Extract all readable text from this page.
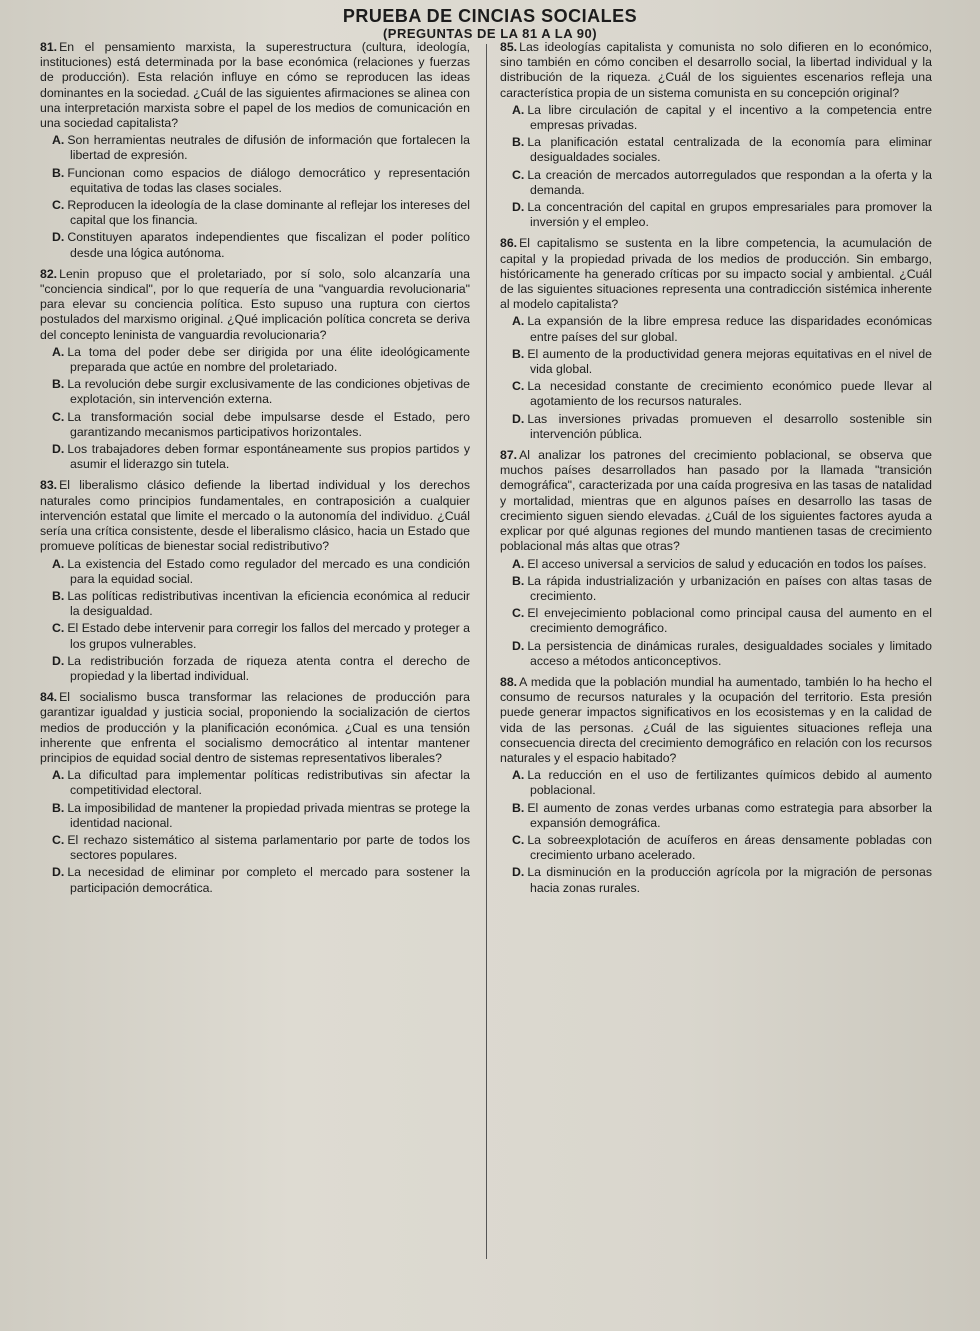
PRUEBA DE CINCIAS SOCIALES
(PREGUNTAS DE LA 81 A LA 90)

81. En el pensamiento marxista, la superestructura (cultura, ideología, instituciones) está determinada por la base económica (relaciones y fuerzas de producción). Esta relación influye en cómo se reproducen las ideas dominantes en la sociedad. ¿Cuál de las siguientes afirmaciones se alinea con una interpretación marxista sobre el papel de los medios de comunicación en una sociedad capitalista?

A. Son herramientas neutrales de difusión de información que fortalecen la libertad de expresión.

B. Funcionan como espacios de diálogo democrático y representación equitativa de todas las clases sociales.

C. Reproducen la ideología de la clase dominante al reflejar los intereses del capital que los financia.

D. Constituyen aparatos independientes que fiscalizan el poder político desde una lógica autónoma.

82. Lenin propuso que el proletariado, por sí solo, solo alcanzaría una "conciencia sindical", por lo que requería de una "vanguardia revolucionaria" para elevar su conciencia política. Esto supuso una ruptura con ciertos postulados del marxismo original. ¿Qué implicación política concreta se deriva del concepto leninista de vanguardia revolucionaria?

A. La toma del poder debe ser dirigida por una élite ideológicamente preparada que actúe en nombre del proletariado.

B. La revolución debe surgir exclusivamente de las condiciones objetivas de explotación, sin intervención externa.

C. La transformación social debe impulsarse desde el Estado, pero garantizando mecanismos participativos horizontales.

D. Los trabajadores deben formar espontáneamente sus propios partidos y asumir el liderazgo sin tutela.

83. El liberalismo clásico defiende la libertad individual y los derechos naturales como principios fundamentales, en contraposición a cualquier intervención estatal que limite el mercado o la autonomía del individuo. ¿Cuál sería una crítica consistente, desde el liberalismo clásico, hacia un Estado que promueve políticas de bienestar social redistributivo?

A. La existencia del Estado como regulador del mercado es una condición para la equidad social.

B. Las políticas redistributivas incentivan la eficiencia económica al reducir la desigualdad.

C. El Estado debe intervenir para corregir los fallos del mercado y proteger a los grupos vulnerables.

D. La redistribución forzada de riqueza atenta contra el derecho de propiedad y la libertad individual.

84. El socialismo busca transformar las relaciones de producción para garantizar igualdad y justicia social, proponiendo la socialización de ciertos medios de producción y la planificación económica. ¿Cual es una tensión inherente que enfrenta el socialismo democrático al intentar mantener principios de equidad social dentro de sistemas representativos liberales?

A. La dificultad para implementar políticas redistributivas sin afectar la competitividad electoral.

B. La imposibilidad de mantener la propiedad privada mientras se protege la identidad nacional.

C. El rechazo sistemático al sistema parlamentario por parte de todos los sectores populares.

D. La necesidad de eliminar por completo el mercado para sostener la participación democrática.

85. Las ideologías capitalista y comunista no solo difieren en lo económico, sino también en cómo conciben el desarrollo social, la libertad individual y la distribución de la riqueza. ¿Cuál de los siguientes escenarios refleja una característica propia de un sistema comunista en su concepción original?

A. La libre circulación de capital y el incentivo a la competencia entre empresas privadas.

B. La planificación estatal centralizada de la economía para eliminar desigualdades sociales.

C. La creación de mercados autorregulados que respondan a la oferta y la demanda.

D. La concentración del capital en grupos empresariales para promover la inversión y el empleo.

86. El capitalismo se sustenta en la libre competencia, la acumulación de capital y la propiedad privada de los medios de producción. Sin embargo, históricamente ha generado críticas por su impacto social y ambiental. ¿Cuál de las siguientes situaciones representa una contradicción sistémica inherente al modelo capitalista?

A. La expansión de la libre empresa reduce las disparidades económicas entre países del sur global.

B. El aumento de la productividad genera mejoras equitativas en el nivel de vida global.

C. La necesidad constante de crecimiento económico puede llevar al agotamiento de los recursos naturales.

D. Las inversiones privadas promueven el desarrollo sostenible sin intervención pública.

87. Al analizar los patrones del crecimiento poblacional, se observa que muchos países desarrollados han pasado por la llamada "transición demográfica", caracterizada por una caída progresiva en las tasas de natalidad y mortalidad, mientras que en algunos países en desarrollo las tasas de crecimiento siguen siendo elevadas. ¿Cuál de los siguientes factores ayuda a explicar por qué algunas regiones del mundo mantienen tasas de crecimiento poblacional más altas que otras?

A. El acceso universal a servicios de salud y educación en todos los países.

B. La rápida industrialización y urbanización en países con altas tasas de crecimiento.

C. El envejecimiento poblacional como principal causa del aumento en el crecimiento demográfico.

D. La persistencia de dinámicas rurales, desigualdades sociales y limitado acceso a métodos anticonceptivos.

88. A medida que la población mundial ha aumentado, también lo ha hecho el consumo de recursos naturales y la ocupación del territorio. Esta presión puede generar impactos significativos en los ecosistemas y en la calidad de vida de las personas. ¿Cuál de las siguientes situaciones refleja una consecuencia directa del crecimiento demográfico en relación con los recursos naturales y el espacio habitado?

A. La reducción en el uso de fertilizantes químicos debido al aumento poblacional.

B. El aumento de zonas verdes urbanas como estrategia para absorber la expansión demográfica.

C. La sobreexplotación de acuíferos en áreas densamente pobladas con crecimiento urbano acelerado.

D. La disminución en la producción agrícola por la migración de personas hacia zonas rurales.
